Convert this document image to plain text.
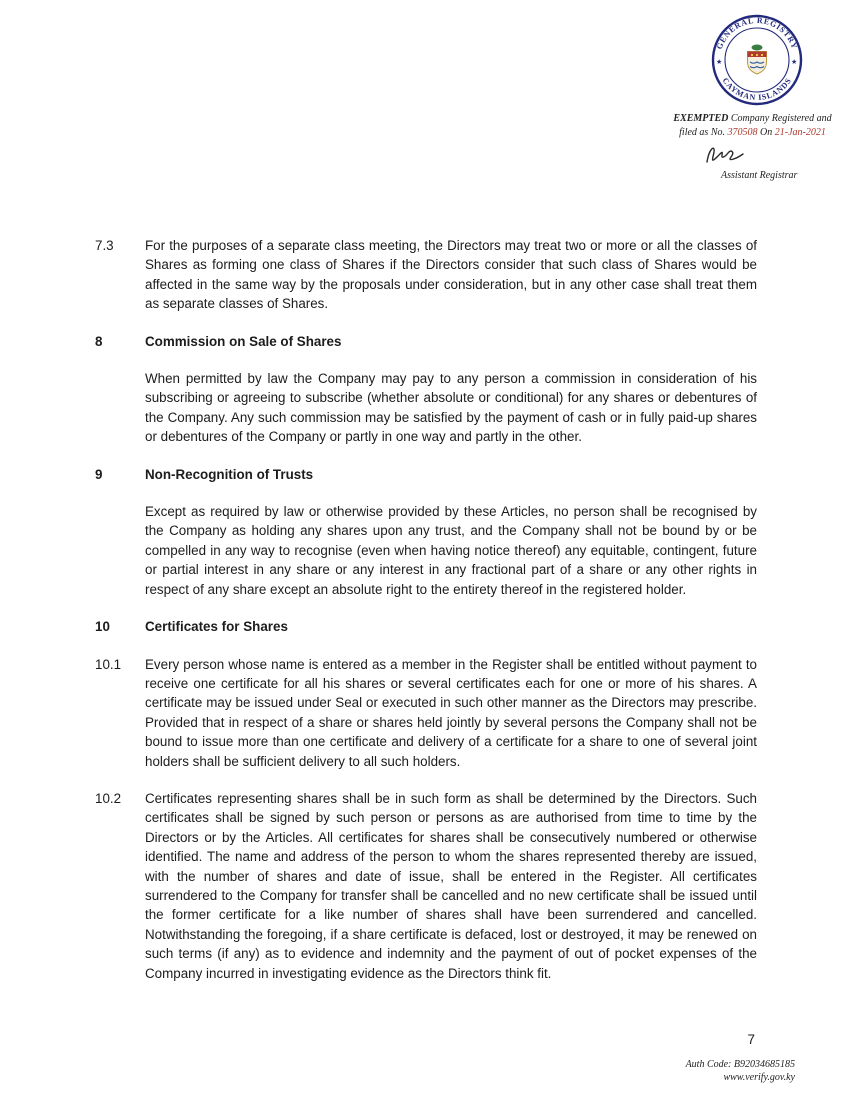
GENERAL REGISTRY
CAYMAN ISLANDS
★	★
EXEMPTED Company Registered and
filed as No. 370508 On 21-Jan-2021
Assistant Registrar
7.3	For the purposes of a separate class meeting, the Directors may treat two or more or all the classes of Shares as forming one class of Shares if the Directors consider that such class of Shares would be affected in the same way by the proposals under consideration, but in any other case shall treat them as separate classes of Shares.
8	Commission on Sale of Shares
When permitted by law the Company may pay to any person a commission in consideration of his subscribing or agreeing to subscribe (whether absolute or conditional) for any shares or debentures of the Company. Any such commission may be satisfied by the payment of cash or in fully paid-up shares or debentures of the Company or partly in one way and partly in the other.
9	Non-Recognition of Trusts
Except as required by law or otherwise provided by these Articles, no person shall be recognised by the Company as holding any shares upon any trust, and the Company shall not be bound by or be compelled in any way to recognise (even when having notice thereof) any equitable, contingent, future or partial interest in any share or any interest in any fractional part of a share or any other rights in respect of any share except an absolute right to the entirety thereof in the registered holder.
10	Certificates for Shares
10.1	Every person whose name is entered as a member in the Register shall be entitled without payment to receive one certificate for all his shares or several certificates each for one or more of his shares. A certificate may be issued under Seal or executed in such other manner as the Directors may prescribe. Provided that in respect of a share or shares held jointly by several persons the Company shall not be bound to issue more than one certificate and delivery of a certificate for a share to one of several joint holders shall be sufficient delivery to all such holders.
10.2	Certificates representing shares shall be in such form as shall be determined by the Directors. Such certificates shall be signed by such person or persons as are authorised from time to time by the Directors or by the Articles. All certificates for shares shall be consecutively numbered or otherwise identified. The name and address of the person to whom the shares represented thereby are issued, with the number of shares and date of issue, shall be entered in the Register. All certificates surrendered to the Company for transfer shall be cancelled and no new certificate shall be issued until the former certificate for a like number of shares shall have been surrendered and cancelled. Notwithstanding the foregoing, if a share certificate is defaced, lost or destroyed, it may be renewed on such terms (if any) as to evidence and indemnity and the payment of out of pocket expenses of the Company incurred in investigating evidence as the Directors think fit.
7
Auth Code: B92034685185
www.verify.gov.ky
